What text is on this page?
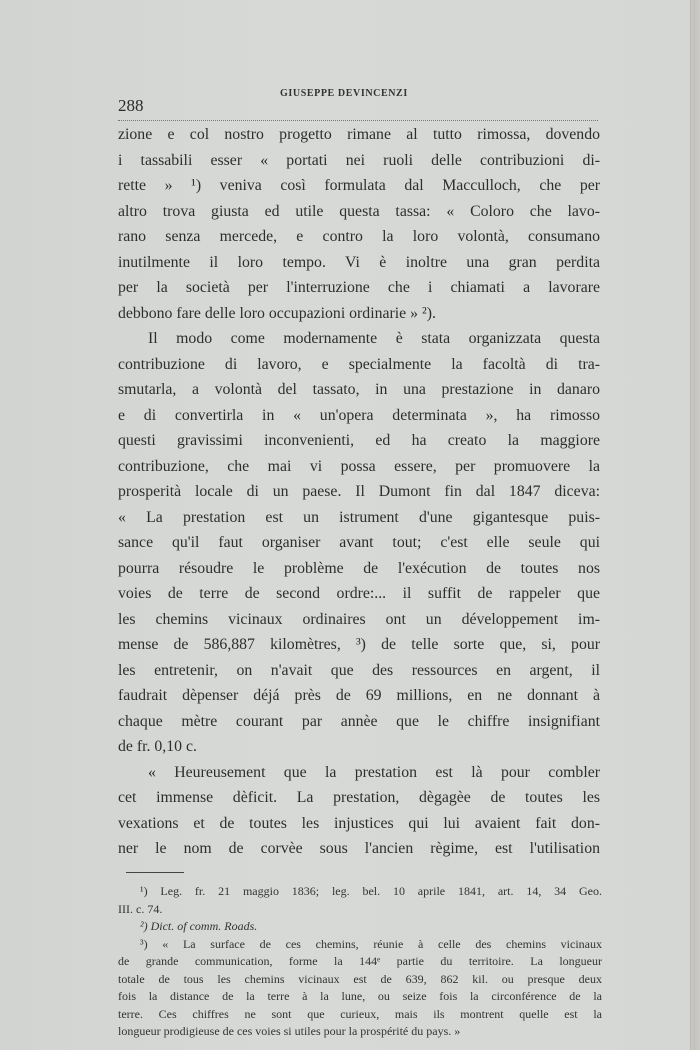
288
GIUSEPPE DEVINCENZI
zione e col nostro progetto rimane al tutto rimossa, dovendo
i tassabili esser « portati nei ruoli delle contribuzioni di-
rette » ¹) veniva così formulata dal Macculloch, che per
altro trova giusta ed utile questa tassa: « Coloro che lavo-
rano senza mercede, e contro la loro volontà, consumano
inutilmente il loro tempo. Vi è inoltre una gran perdita
per la società per l'interruzione che i chiamati a lavorare
debbono fare delle loro occupazioni ordinarie » ²).
Il modo come modernamente è stata organizzata questa
contribuzione di lavoro, e specialmente la facoltà di tra-
smutarla, a volontà del tassato, in una prestazione in danaro
e di convertirla in « un'opera determinata », ha rimosso
questi gravissimi inconvenienti, ed ha creato la maggiore
contribuzione, che mai vi possa essere, per promuovere la
prosperità locale di un paese. Il Dumont fin dal 1847 diceva:
« La prestation est un istrument d'une gigantesque puis-
sance qu'il faut organiser avant tout; c'est elle seule qui
pourra résoudre le problème de l'exécution de toutes nos
voies de terre de second ordre:... il suffit de rappeler que
les chemins vicinaux ordinaires ont un développement im-
mense de 586,887 kilomètres, ³) de telle sorte que, si, pour
les entretenir, on n'avait que des ressources en argent, il
faudrait dèpenser déjá près de 69 millions, en ne donnant à
chaque mètre courant par annèe que le chiffre insignifiant
de fr. 0,10 c.
« Heureusement que la prestation est là pour combler
cet immense dèficit. La prestation, dègagèe de toutes les
vexations et de toutes les injustices qui lui avaient fait don-
ner le nom de corvèe sous l'ancien règime, est l'utilisation
¹) Leg. fr. 21 maggio 1836; leg. bel. 10 aprile 1841, art. 14, 34 Geo.
III. c. 74.
²) Dict. of comm. Roads.
³) « La surface de ces chemins, réunie à celle des chemins vicinaux
de grande communication, forme la 144ᵉ partie du territoire. La longueur
totale de tous les chemins vicinaux est de 639, 862 kil. ou presque deux
fois la distance de la terre à la lune, ou seize fois la circonférence de la
terre. Ces chiffres ne sont que curieux, mais ils montrent quelle est la
longueur prodigieuse de ces voies si utiles pour la prospérité du pays. »
